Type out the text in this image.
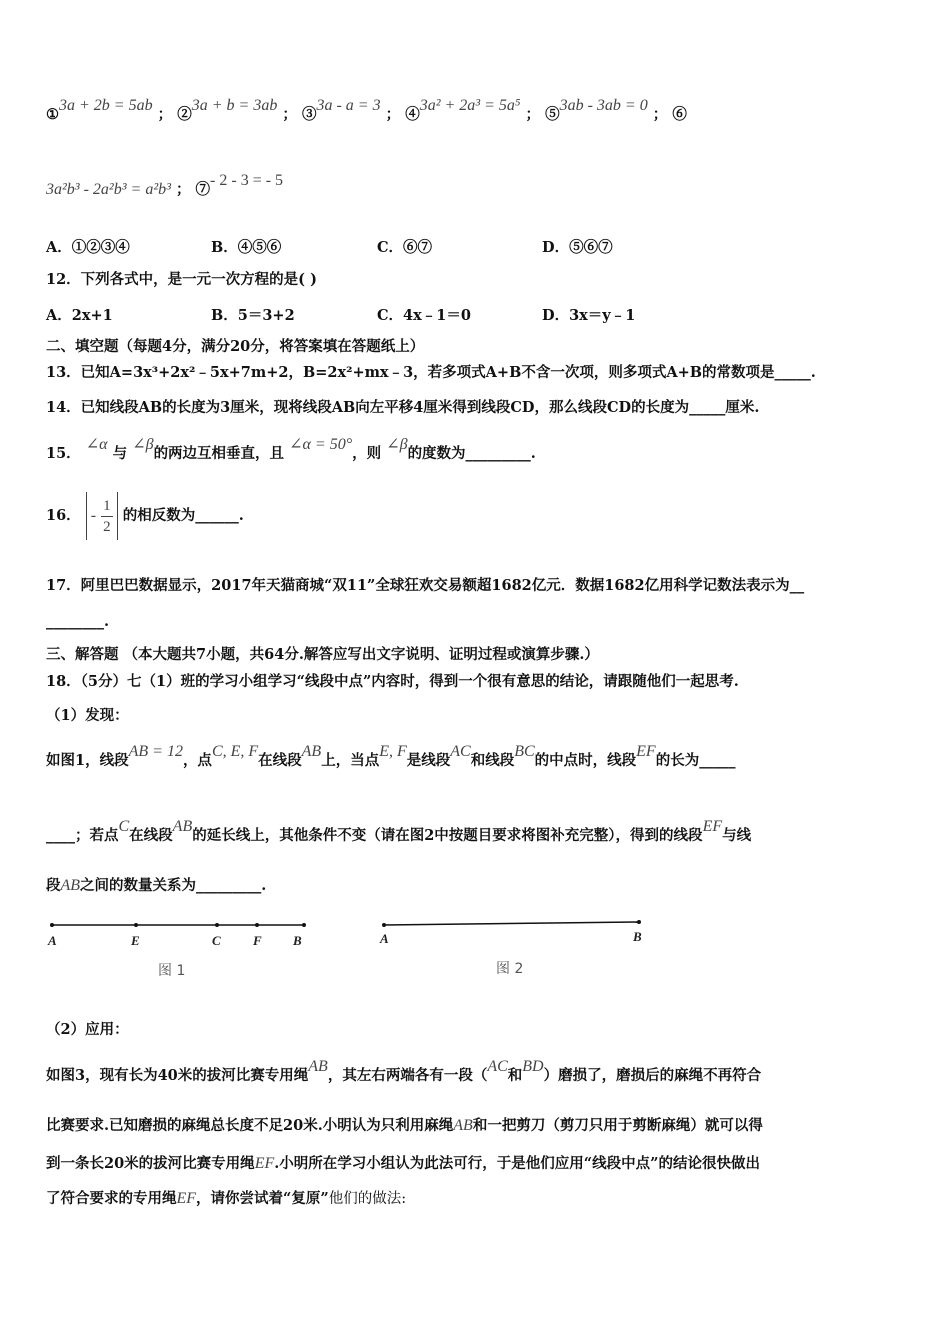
①3a + 2b = 5ab ； ②3a + b = 3ab ； ③3a - a = 3 ； ④3a² + 2a³ = 5a⁵ ； ⑤3ab - 3ab = 0 ； ⑥
3a²b³ - 2a²b³ = a²b³ ； ⑦- 2 - 3 = - 5
A．①②③④	B．④⑤⑥	C．⑥⑦	D．⑤⑥⑦
12．下列各式中，是一元一次方程的是( )
A．2x+1	B．5＝3+2	C．4x﹣1＝0	D．3x＝y﹣1
二、填空题（每题4分，满分20分，将答案填在答题纸上）
13．已知A=3x³+2x²﹣5x+7m+2，B=2x²+mx﹣3，若多项式A+B不含一次项，则多项式A+B的常数项是_____.
14．已知线段AB的长度为3厘米，现将线段AB向左平移4厘米得到线段CD，那么线段CD的长度为_____厘米.
15． ∠α 与 ∠β的两边互相垂直，且 ∠α = 50°，则 ∠β的度数为_________.
16． - $\frac{1}{2}$ 的相反数为______.
17．阿里巴巴数据显示，2017年天猫商城“双11”全球狂欢交易额超1682亿元．数据1682亿用科学记数法表示为__
________.
三、解答题 （本大题共7小题，共64分.解答应写出文字说明、证明过程或演算步骤.）
18．（5分）七（1）班的学习小组学习“线段中点”内容时，得到一个很有意思的结论，请跟随他们一起思考.
（1）发现：
如图1，线段AB = 12，点C, E, F在线段AB上，当点E, F是线段AC和线段BC的中点时，线段EF的长为_____
____；若点C在线段AB的延长线上，其他条件不变（请在图2中按题目要求将图补充完整），得到的线段EF与线
段AB之间的数量关系为_________.
A	E	C F B
图 1
A	B
图 2
（2）应用：
如图3，现有长为40米的拔河比赛专用绳AB，其左右两端各有一段（AC和BD）磨损了，磨损后的麻绳不再符合
比赛要求.已知磨损的麻绳总长度不足20米.小明认为只利用麻绳AB和一把剪刀（剪刀只用于剪断麻绳）就可以得
到一条长20米的拔河比赛专用绳EF.小明所在学习小组认为此法可行，于是他们应用“线段中点”的结论很快做出
了符合要求的专用绳EF，请你尝试着“复原”他们的做法:
